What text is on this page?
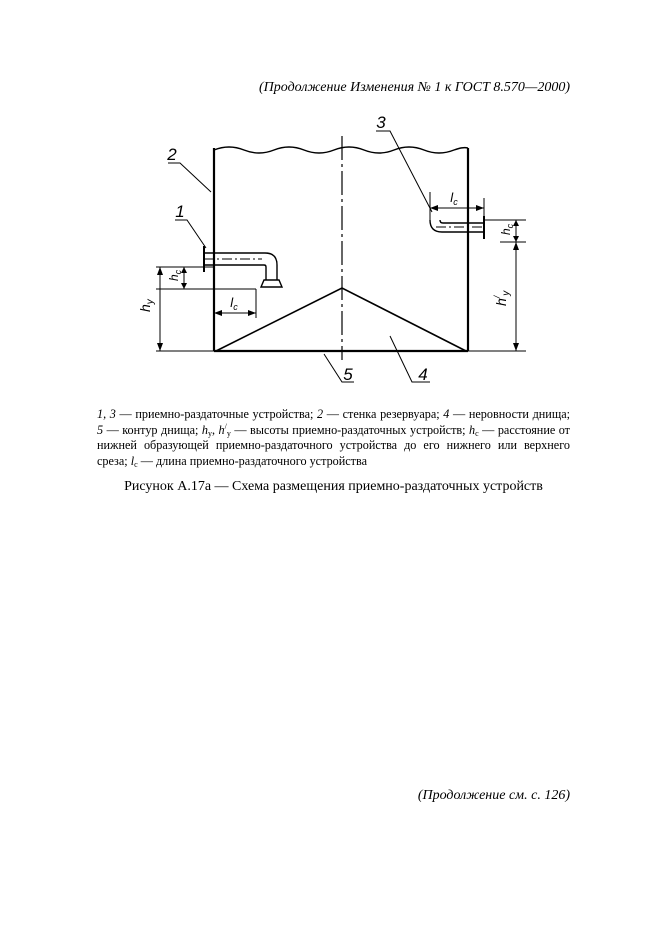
(Продолжение Изменения № 1 к ГОСТ 8.570—2000)
2
1
3
5	4
$h_y$
$h_c$
$l_c$
$l_c$
$h_c$
$h^/_y$
1, 3 — приемно-раздаточные устройства; 2 — стенка резервуара; 4 — неровности днища; 5 — контур днища; $h_y$, $h^/_y$ — высоты приемно-раздаточных устройств; $h_c$ — расстояние от нижней образующей приемно-раздаточного устройства до его нижнего или верхнего среза; $l_c$ — длина приемно-раздаточного устройства
Рисунок А.17а — Схема размещения приемно-раздаточных устройств
(Продолжение см. с. 126)
